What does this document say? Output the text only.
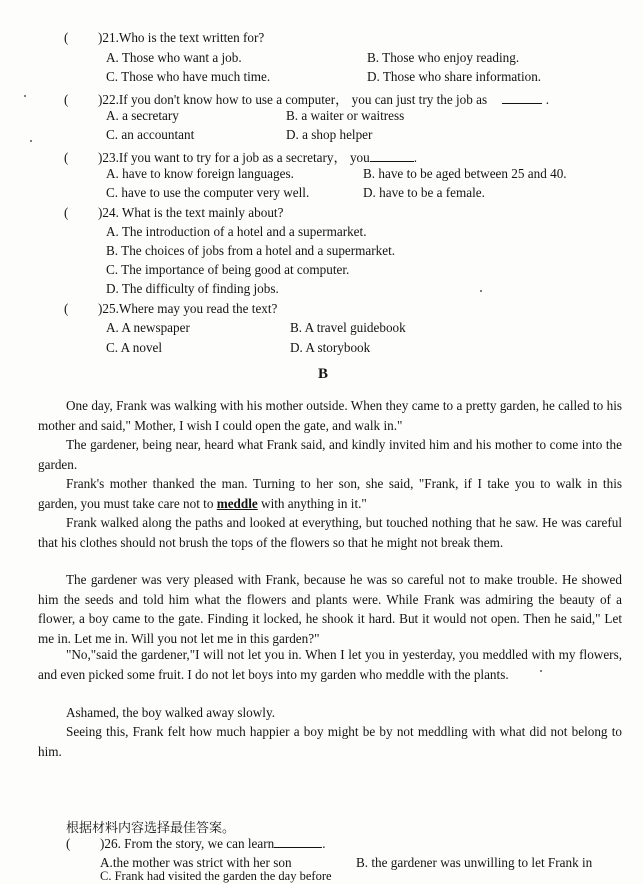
( )21.Who is the text written for?
A. Those who want a job.	B. Those who enjoy reading.
C. Those who have much time.	D. Those who share information.
( )22.If you don't know how to use a computer， you can just try the job as	.
A. a secretary	B. a waiter or waitress
C. an accountant	D. a shop helper
( )23.If you want to try for a job as a secretary， you	.
A. have to know foreign languages.	B. have to be aged between 25 and 40.
C. have to use the computer very well.	D. have to be a female.
( )24. What is the text mainly about?
A. The introduction of a hotel and a supermarket.
B. The choices of jobs from a hotel and a supermarket.
C. The importance of being good at computer.
D. The difficulty of finding jobs.
( )25.Where may you read the text?
A. A newspaper	B. A travel guidebook
C. A novel	D. A storybook
B
One day, Frank was walking with his mother outside. When they came to a pretty garden, he called to his mother and said," Mother, I wish I could open the gate, and walk in."
The gardener, being near, heard what Frank said, and kindly invited him and his mother to come into the garden.
Frank's mother thanked the man. Turning to her son, she said, "Frank, if I take you to walk in this garden, you must take care not to meddle with anything in it."
Frank walked along the paths and looked at everything, but touched nothing that he saw. He was careful that his clothes should not brush the tops of the flowers so that he might not break them.
The gardener was very pleased with Frank, because he was so careful not to make trouble. He showed him the seeds and told him what the flowers and plants were. While Frank was admiring the beauty of a flower, a boy came to the gate. Finding it locked, he shook it hard. But it would not open. Then he said," Let me in. Let me in. Will you not let me in this garden?"
"No,"said the gardener,"I will not let you in. When I let you in yesterday, you meddled with my flowers, and even picked some fruit. I do not let boys into my garden who meddle with the plants.
Ashamed, the boy walked away slowly.
Seeing this, Frank felt how much happier a boy might be by not meddling with what did not belong to him.
根据材料内容选择最佳答案。
( )26. From the story, we can learn	.
A.the mother was strict with her son	B. the gardener was unwilling to let Frank in
C. Frank had visited the garden the day before
